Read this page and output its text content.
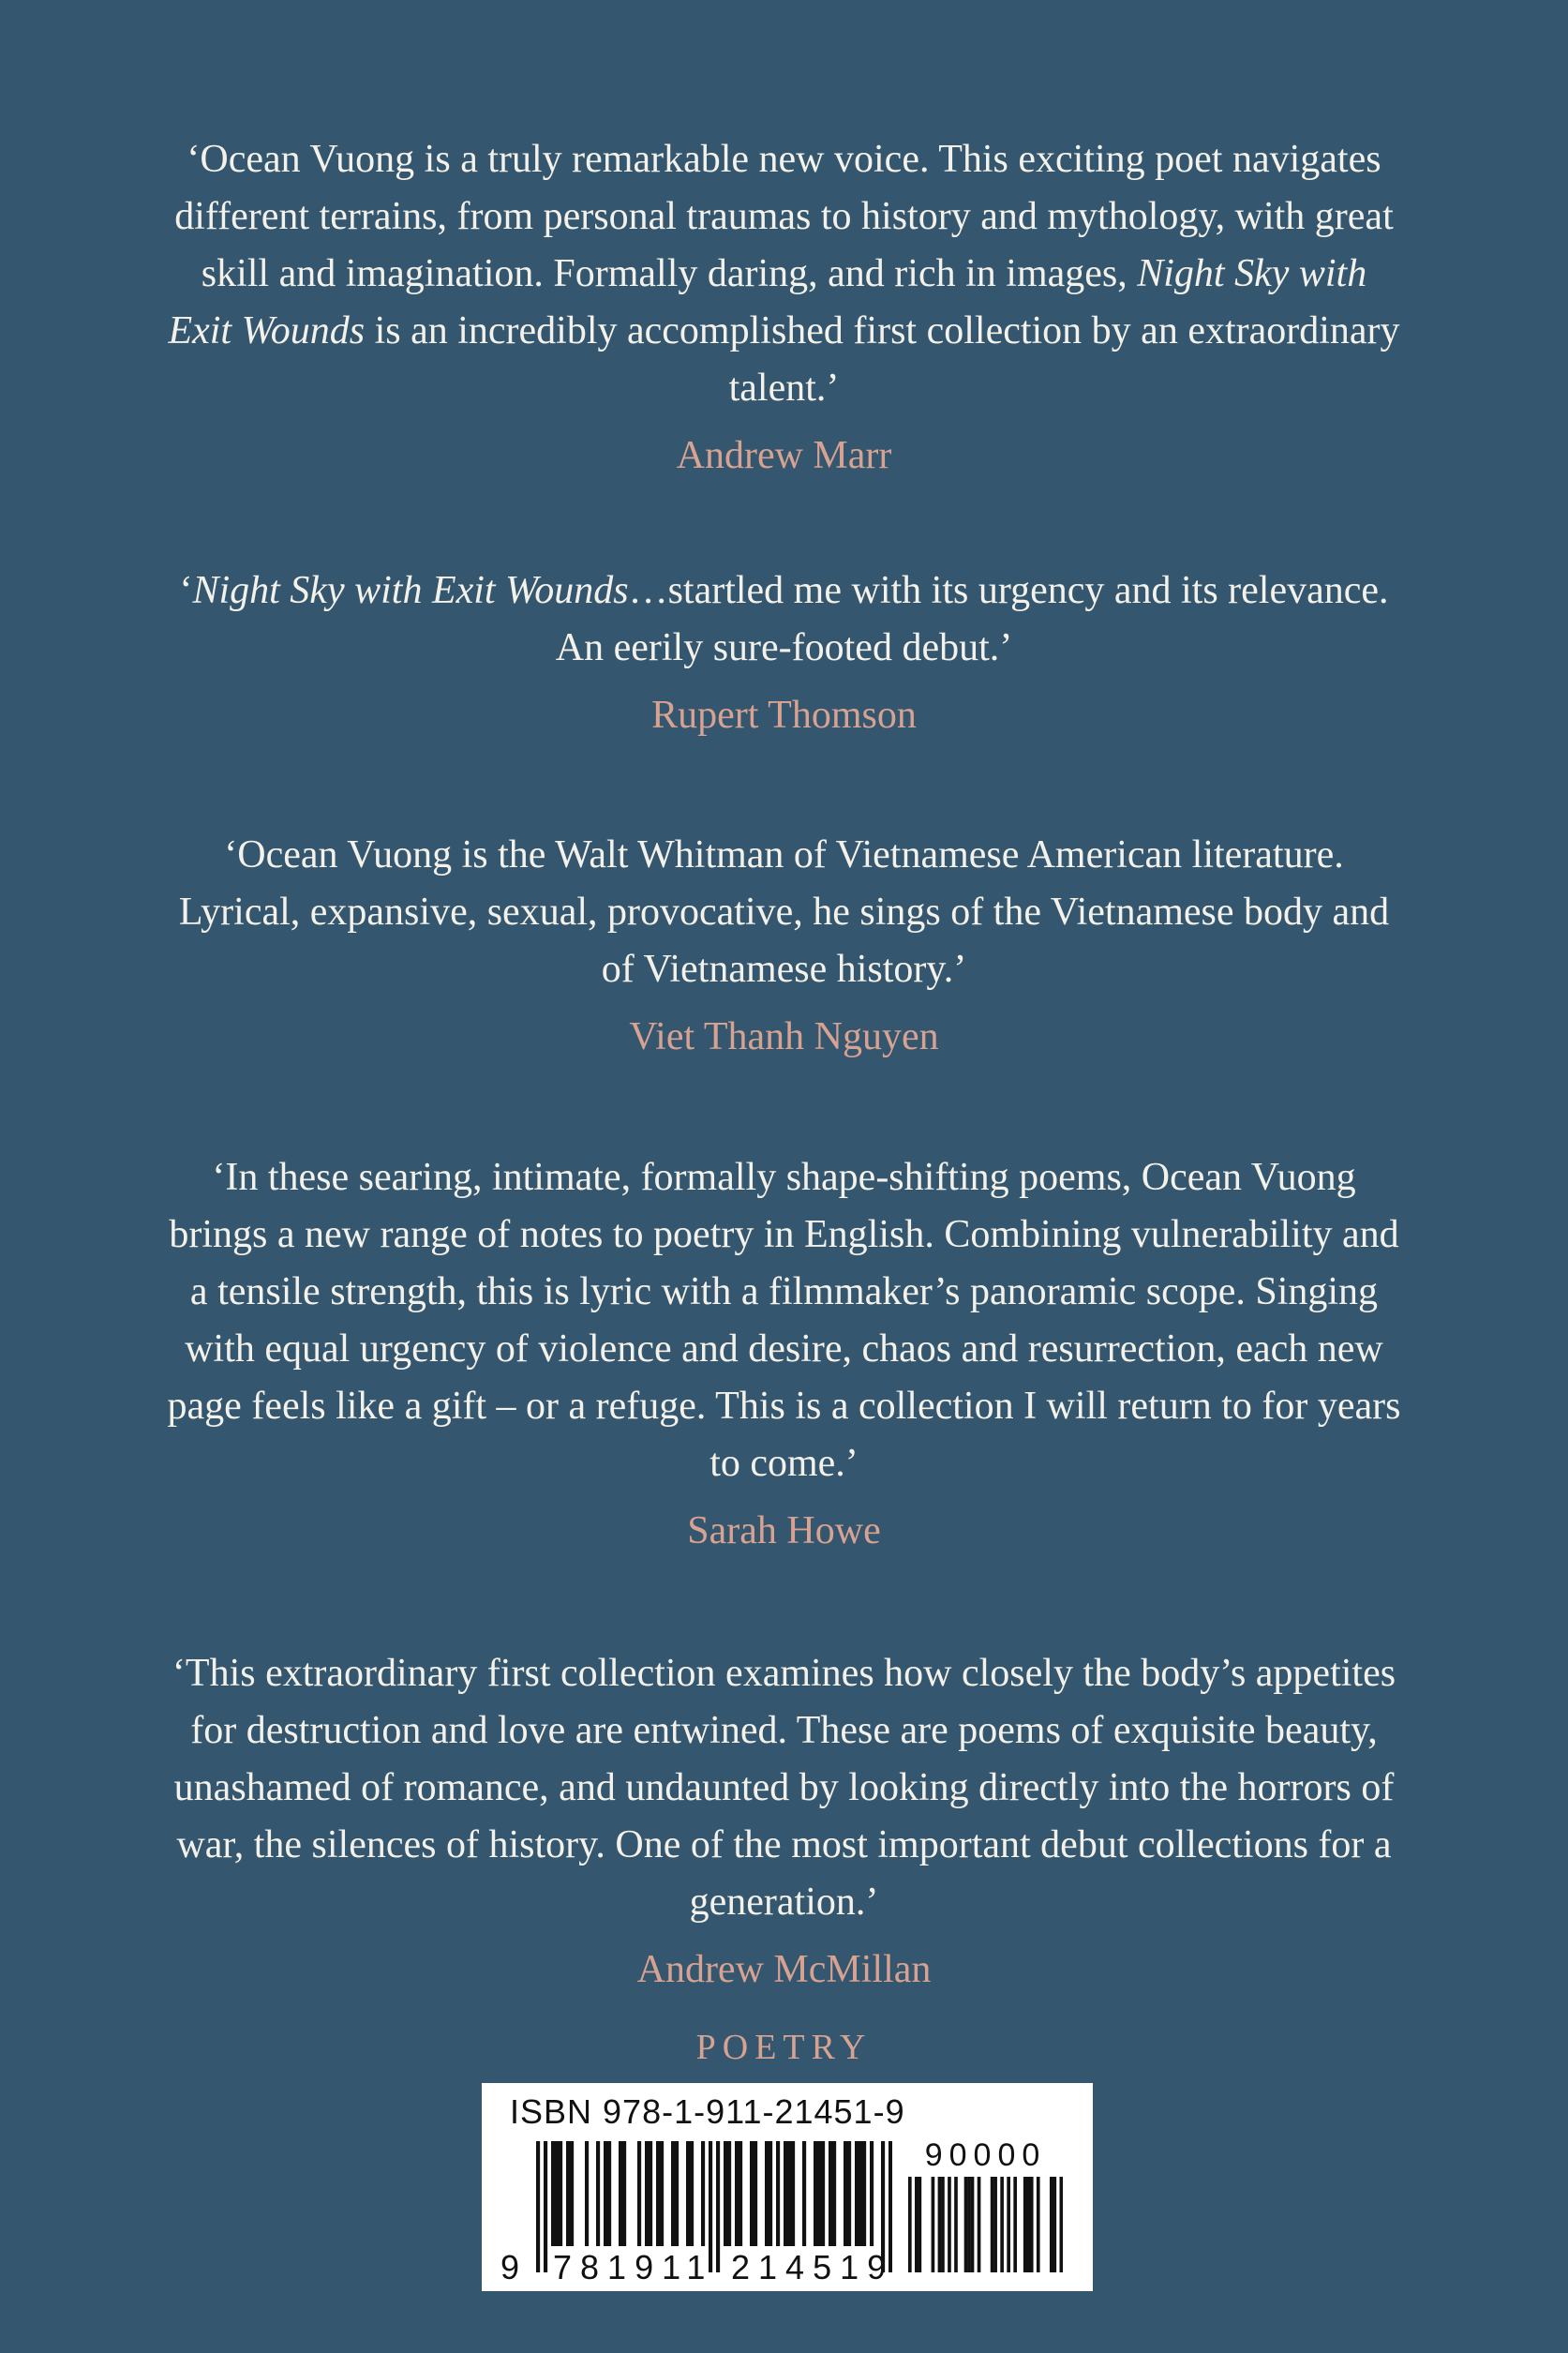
‘Ocean Vuong is a truly remarkable new voice. This exciting poet navigates different terrains, from personal traumas to history and mythology, with great skill and imagination. Formally daring, and rich in images, Night Sky with Exit Wounds is an incredibly accomplished first collection by an extraordinary talent.’

Andrew Marr

‘Night Sky with Exit Wounds…startled me with its urgency and its relevance. An eerily sure-footed debut.’

Rupert Thomson

‘Ocean Vuong is the Walt Whitman of Vietnamese American literature. Lyrical, expansive, sexual, provocative, he sings of the Vietnamese body and of Vietnamese history.’

Viet Thanh Nguyen

‘In these searing, intimate, formally shape-shifting poems, Ocean Vuong brings a new range of notes to poetry in English. Combining vulnerability and a tensile strength, this is lyric with a filmmaker’s panoramic scope. Singing with equal urgency of violence and desire, chaos and resurrection, each new page feels like a gift – or a refuge. This is a collection I will return to for years to come.’

Sarah Howe

‘This extraordinary first collection examines how closely the body’s appetites for destruction and love are entwined. These are poems of exquisite beauty, unashamed of romance, and undaunted by looking directly into the horrors of war, the silences of history. One of the most important debut collections for a generation.’

Andrew McMillan

POETRY
ISBN 978-1-911-21451-9
90000
9 781911 214519
